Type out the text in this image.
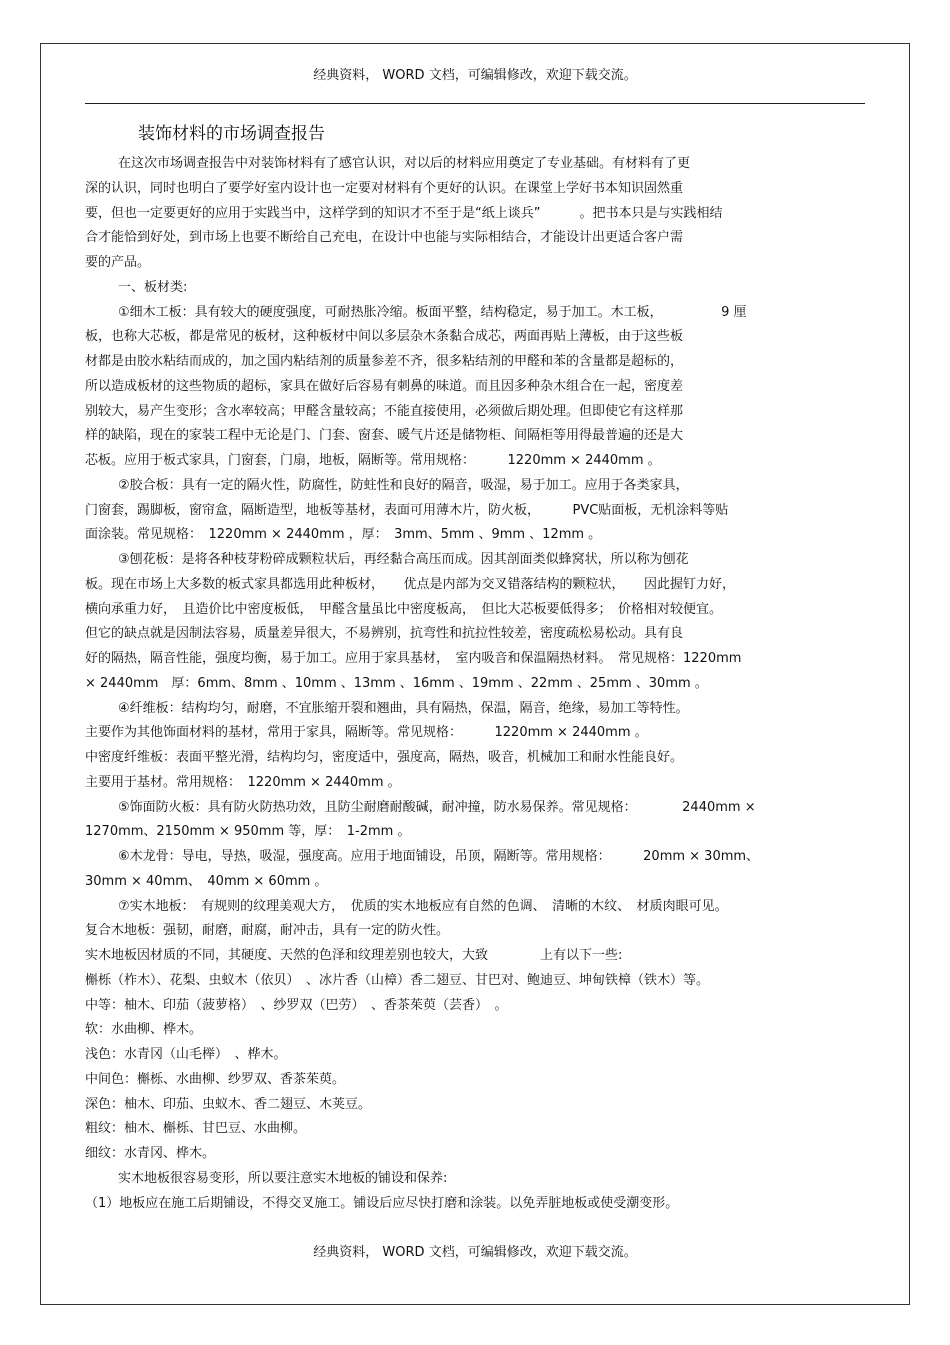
经典资料， WORD 文档，可编辑修改，欢迎下载交流。
装饰材料的市场调查报告
在这次市场调查报告中对装饰材料有了感官认识，对以后的材料应用奠定了专业基础。有材料有了更
深的认识，同时也明白了要学好室内设计也一定要对材料有个更好的认识。在课堂上学好书本知识固然重
要，但也一定要更好的应用于实践当中，这样学到的知识才不至于是“纸上谈兵”　　　。把书本只是与实践相结
合才能恰到好处，到市场上也要不断给自己充电，在设计中也能与实际相结合，才能设计出更适合客户需
要的产品。
一、板材类:
①细木工板：具有较大的硬度强度，可耐热胀冷缩。板面平整，结构稳定，易于加工。木工板，　　　　　9 厘
板，也称大芯板，都是常见的板材，这种板材中间以多层杂木条黏合成芯，两面再贴上薄板，由于这些板
材都是由胶水粘结而成的，加之国内粘结剂的质量参差不齐，很多粘结剂的甲醛和苯的含量都是超标的，
所以造成板材的这些物质的超标，家具在做好后容易有刺鼻的味道。而且因多种杂木组合在一起，密度差
别较大，易产生变形；含水率较高；甲醛含量较高；不能直接使用，必须做后期处理。但即使它有这样那
样的缺陷，现在的家装工程中无论是门、门套、窗套、暖气片还是储物柜、间隔柜等用得最普遍的还是大
芯板。应用于板式家具，门窗套，门扇，地板，隔断等。常用规格：　　　1220mm × 2440mm 。
②胶合板：具有一定的隔火性，防腐性，防蛀性和良好的隔音，吸湿，易于加工。应用于各类家具，
门窗套，踢脚板，窗帘盒，隔断造型，地板等基材，表面可用薄木片，防火板，　　　PVC贴面板，无机涂料等贴
面涂装。常见规格：　1220mm × 2440mm ，厚：　3mm、5mm 、9mm 、12mm 。
③刨花板：是将各种枝芽粉碎成颗粒状后，再经黏合高压而成。因其剖面类似蜂窝状，所以称为刨花
板。现在市场上大多数的板式家具都选用此种板材，　　优点是内部为交叉错落结构的颗粒状，　　因此握钉力好，
横向承重力好，　且造价比中密度板低，　甲醛含量虽比中密度板高，　但比大芯板要低得多；　价格相对较便宜。
但它的缺点就是因制法容易，质量差异很大，不易辨别，抗弯性和抗拉性较差，密度疏松易松动。具有良
好的隔热，隔音性能，强度均衡，易于加工。应用于家具基材，　室内吸音和保温隔热材料。　常见规格：1220mm
× 2440mm　厚：6mm、8mm 、10mm 、13mm 、16mm 、19mm 、22mm 、25mm 、30mm 。
④纤维板：结构均匀，耐磨，不宜胀缩开裂和翘曲，具有隔热，保温，隔音，绝缘，易加工等特性。
主要作为其他饰面材料的基材，常用于家具，隔断等。常见规格：　　　1220mm × 2440mm 。
中密度纤维板：表面平整光滑，结构均匀，密度适中，强度高，隔热，吸音，机械加工和耐水性能良好。
主要用于基材。常用规格：　1220mm × 2440mm 。
⑤饰面防火板：具有防火防热功效，且防尘耐磨耐酸碱，耐冲撞，防水易保养。常见规格：　　　　2440mm ×
1270mm、2150mm × 950mm 等，厚：　1-2mm 。
⑥木龙骨：导电，导热，吸湿，强度高。应用于地面铺设，吊顶，隔断等。常用规格：　　　20mm × 30mm、
30mm × 40mm、　40mm × 60mm 。
⑦实木地板：　有规则的纹理美观大方，　优质的实木地板应有自然的色调、　清晰的木纹、　材质肉眼可见。
复合木地板：强韧，耐磨，耐腐，耐冲击，具有一定的防火性。
实木地板因材质的不同，其硬度、天然的色泽和纹理差别也较大，大致　　　　上有以下一些:
槲栎（柞木）、花梨、虫蚁木（依贝）　、冰片香（山樟）香二翅豆、甘巴对、鲍迪豆、坤甸铁樟（铁木）等。
中等：柚木、印茄（菠萝格）　、纱罗双（巴劳）　、香茶茱萸（芸香）　。
软：水曲柳、桦木。
浅色：水青冈（山毛榉）　、桦木。
中间色：槲栎、水曲柳、纱罗双、香茶茱萸。
深色：柚木、印茄、虫蚁木、香二翅豆、木荚豆。
粗纹：柚木、槲栎、甘巴豆、水曲柳。
细纹：水青冈、桦木。
实木地板很容易变形，所以要注意实木地板的铺设和保养:
（1）地板应在施工后期铺设，不得交叉施工。铺设后应尽快打磨和涂装。以免弄脏地板或使受潮变形。
经典资料， WORD 文档，可编辑修改，欢迎下载交流。
